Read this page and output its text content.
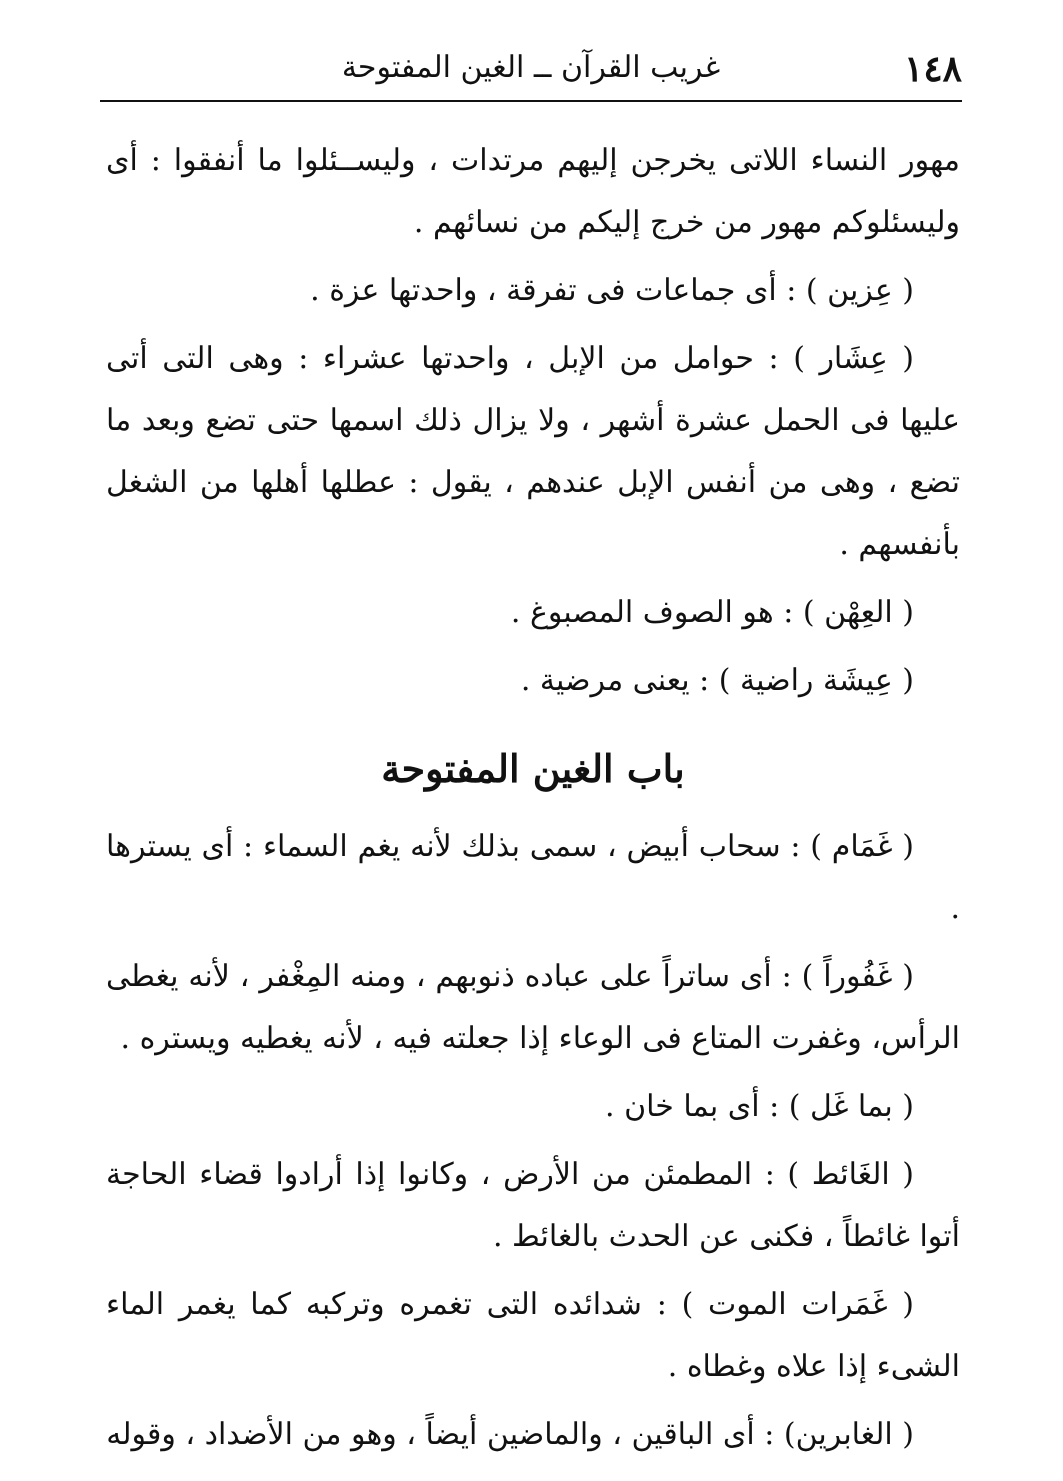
١٤٨
غريب القرآن ــ الغين المفتوحة

مهور النساء اللاتى يخرجن إليهم مرتدات ، وليســئلوا ما أنفقوا : أى وليسئلوكم مهور من خرج إليكم من نسائهم .

( عِزين ) : أى جماعات فى تفرقة ، واحدتها عزة .

( عِشَار ) : حوامل من الإبل ، واحدتها عشراء : وهى التى أتى عليها فى الحمل عشرة أشهر ، ولا يزال ذلك اسمها حتى تضع وبعد ما تضع ، وهى من أنفس الإبل عندهم ، يقول : عطلها أهلها من الشغل بأنفسهم .

( العِهْن ) : هو الصوف المصبوغ .

( عِيشَة راضية ) : يعنى مرضية .

باب الغين المفتوحة

( غَمَام ) : سحاب أبيض ، سمى بذلك لأنه يغم السماء : أى يسترها .

( غَفُوراً ) : أى ساتراً على عباده ذنوبهم ، ومنه المِغْفر ، لأنه يغطى الرأس، وغفرت المتاع فى الوعاء إذا جعلته فيه ، لأنه يغطيه ويستره .

( بما غَل ) : أى بما خان .

( الغَائط ) : المطمئن من الأرض ، وكانوا إذا أرادوا قضاء الحاجة أتوا غائطاً ، فكنى عن الحدث بالغائط .

( غَمَرات الموت ) : شدائده التى تغمره وتركبه كما يغمر الماء الشىء إذا علاه وغطاه .

( الغابرين) : أى الباقين ، والماضين أيضاً ، وهو من الأضداد ، وقوله
